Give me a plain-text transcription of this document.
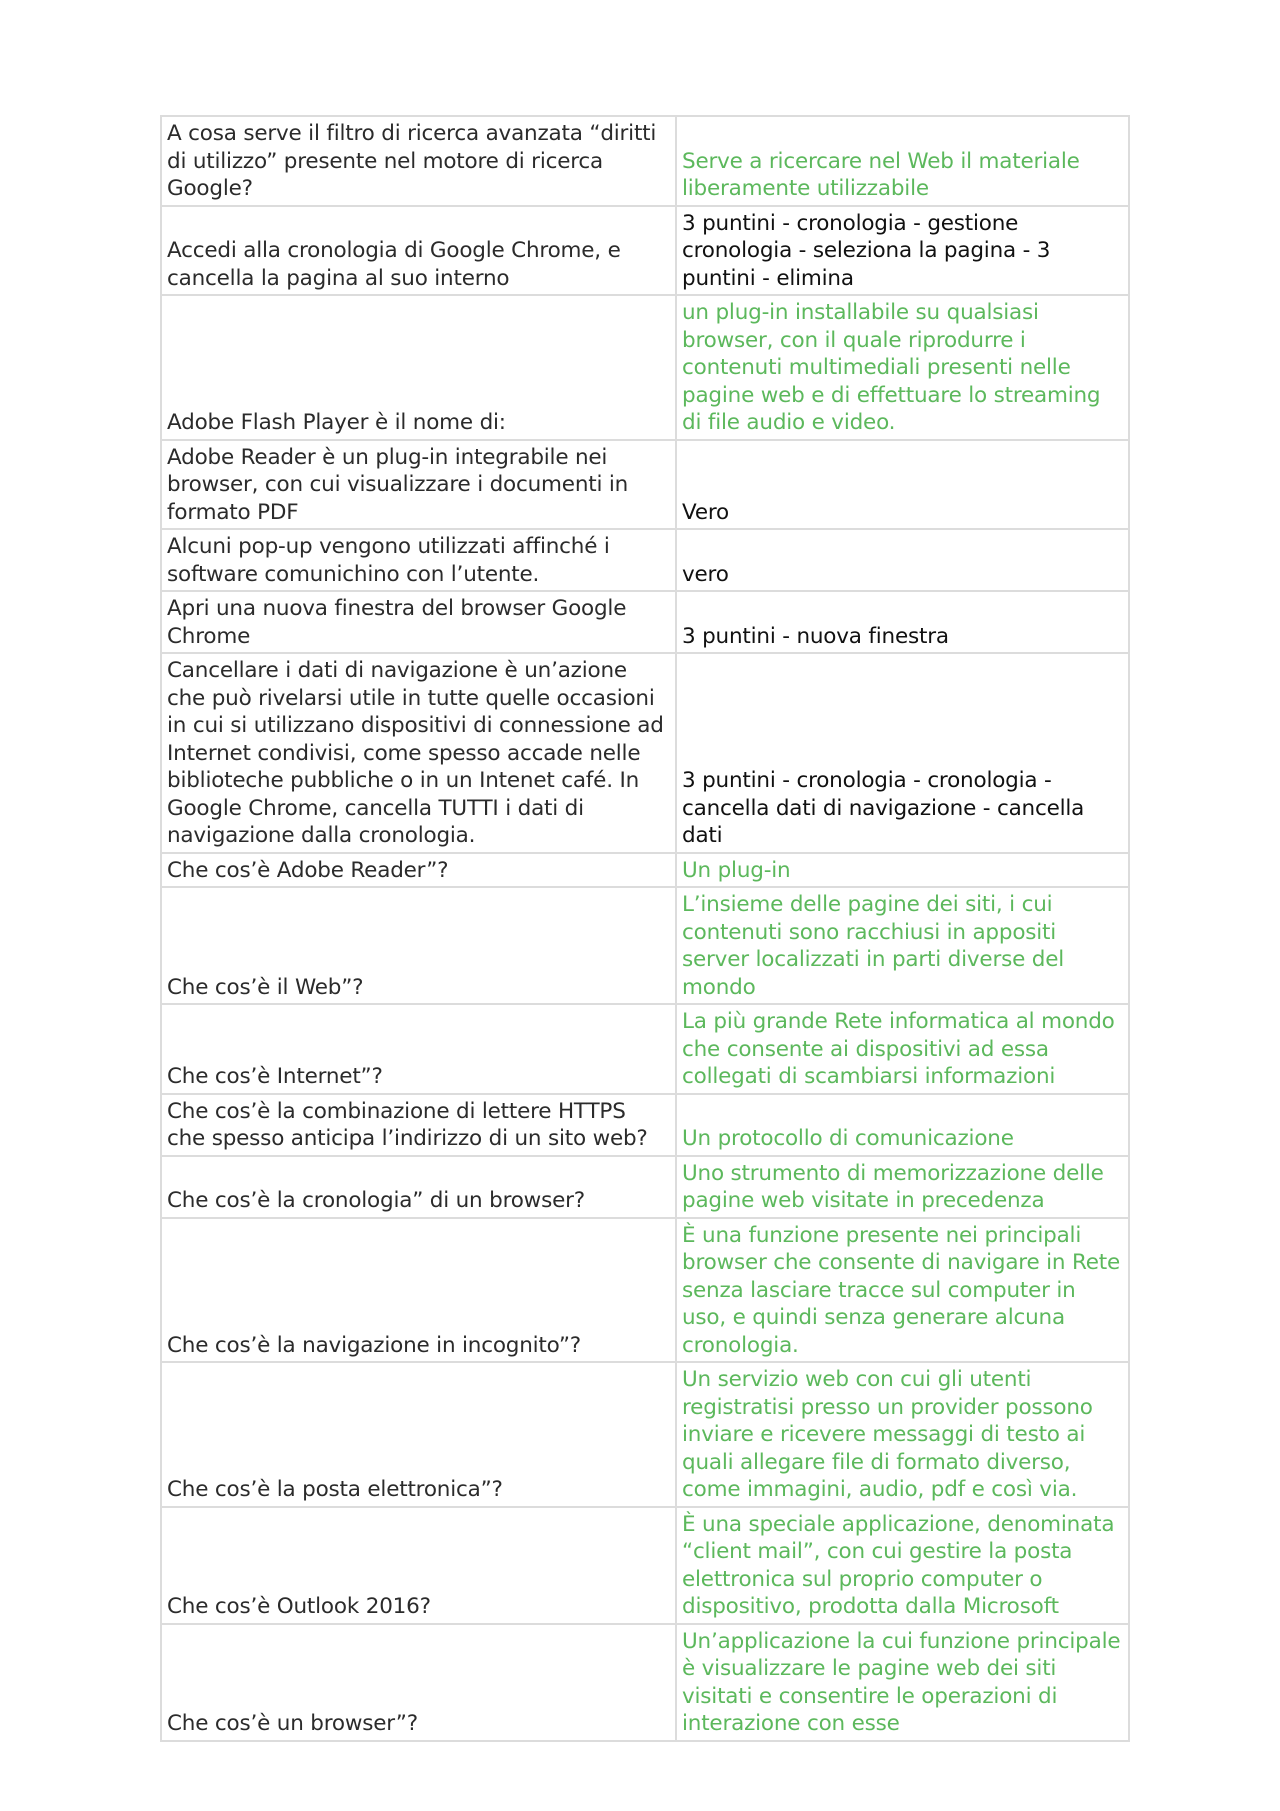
A cosa serve il filtro di ricerca avanzata “diritti di utilizzo” presente nel motore di ricerca Google?	Serve a ricercare nel Web il materiale liberamente utilizzabile
Accedi alla cronologia di Google Chrome, e cancella la pagina al suo interno	3 puntini - cronologia - gestione cronologia - seleziona la pagina - 3 puntini - elimina
Adobe Flash Player è il nome di:	un plug-in installabile su qualsiasi browser, con il quale riprodurre i contenuti multimediali presenti nelle pagine web e di effettuare lo streaming di file audio e video.
Adobe Reader è un plug-in integrabile nei browser, con cui visualizzare i documenti in formato PDF	Vero
Alcuni pop-up vengono utilizzati affinché i software comunichino con l’utente.	vero
Apri una nuova finestra del browser Google Chrome	3 puntini - nuova finestra
Cancellare i dati di navigazione è un’azione che può rivelarsi utile in tutte quelle occasioni in cui si utilizzano dispositivi di connessione ad Internet condivisi, come spesso accade nelle biblioteche pubbliche o in un Intenet café. In Google Chrome, cancella TUTTI i dati di navigazione dalla cronologia.	3 puntini - cronologia - cronologia - cancella dati di navigazione - cancella dati
Che cos’è Adobe Reader”?	Un plug-in
Che cos’è il Web”?	L’insieme delle pagine dei siti, i cui contenuti sono racchiusi in appositi server localizzati in parti diverse del mondo
Che cos’è Internet”?	La più grande Rete informatica al mondo che consente ai dispositivi ad essa collegati di scambiarsi informazioni
Che cos’è la combinazione di lettere HTTPS che spesso anticipa l’indirizzo di un sito web?	Un protocollo di comunicazione
Che cos’è la cronologia” di un browser?	Uno strumento di memorizzazione delle pagine web visitate in precedenza
Che cos’è la navigazione in incognito”?	È una funzione presente nei principali browser che consente di navigare in Rete senza lasciare tracce sul computer in uso, e quindi senza generare alcuna cronologia.
Che cos’è la posta elettronica”?	Un servizio web con cui gli utenti registratisi presso un provider possono inviare e ricevere messaggi di testo ai quali allegare file di formato diverso, come immagini, audio, pdf e così via.
Che cos’è Outlook 2016?	È una speciale applicazione, denominata “client mail”, con cui gestire la posta elettronica sul proprio computer o dispositivo, prodotta dalla Microsoft
Che cos’è un browser”?	Un’applicazione la cui funzione principale è visualizzare le pagine web dei siti visitati e consentire le operazioni di interazione con esse
